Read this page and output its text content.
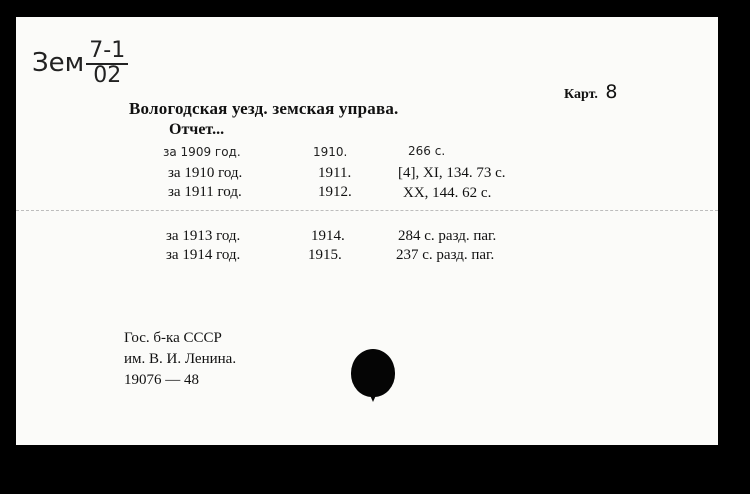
Зем $\frac{7-1}{02}$
Карт. 8
Вологодская уезд. земская управа.
Отчет...
за 1909 год.	1910.	266 с.
за 1910 год.	1911.	[4], XI, 134. 73 с.
за 1911 год.	1912.	XX, 144. 62 с.
за 1913 год.	1914.	284 с. разд. паг.
за 1914 год.	1915.	237 с. разд. паг.
Гос. б-ка СССР
им. В. И. Ленина.
19076 — 48
